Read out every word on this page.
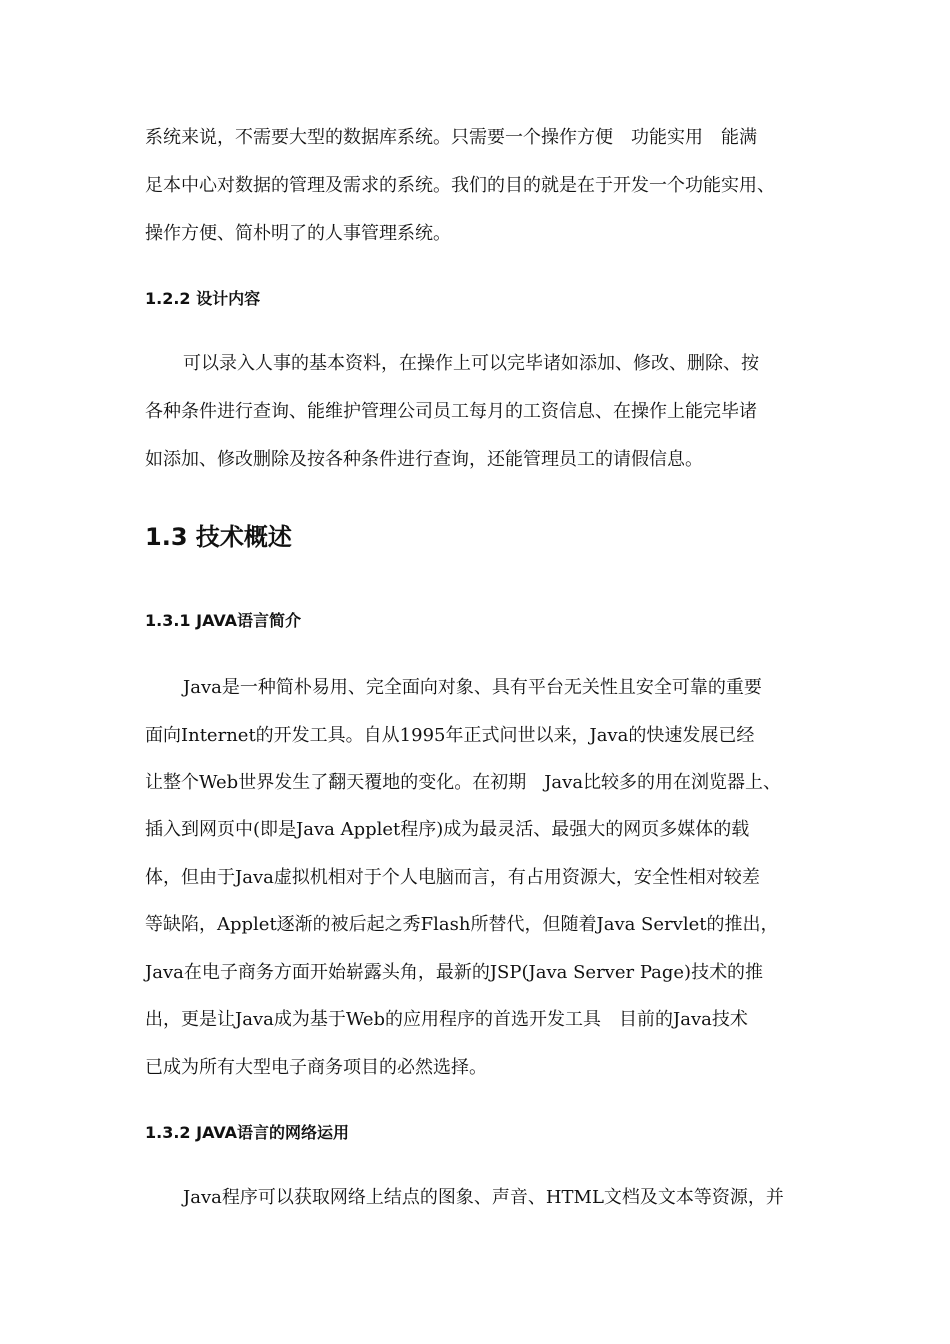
系统来说，不需要大型的数据库系统。只需要一个操作方便　功能实用　能满
足本中心对数据的管理及需求的系统。我们的目的就是在于开发一个功能实用、
操作方便、简朴明了的人事管理系统。
1.2.2 设计内容
可以录入人事的基本资料，在操作上可以完毕诸如添加、修改、删除、按
各种条件进行查询、能维护管理公司员工每月的工资信息、在操作上能完毕诸
如添加、修改删除及按各种条件进行查询，还能管理员工的请假信息。
1.3 技术概述
1.3.1 JAVA语言简介
Java是一种简朴易用、完全面向对象、具有平台无关性且安全可靠的重要
面向Internet的开发工具。自从1995年正式问世以来，Java的快速发展已经
让整个Web世界发生了翻天覆地的变化。在初期　Java比较多的用在浏览器上、
插入到网页中(即是Java Applet程序)成为最灵活、最强大的网页多媒体的载
体，但由于Java虚拟机相对于个人电脑而言，有占用资源大，安全性相对较差
等缺陷，Applet逐渐的被后起之秀Flash所替代，但随着Java Servlet的推出，
Java在电子商务方面开始崭露头角，最新的JSP(Java Server Page)技术的推
出，更是让Java成为基于Web的应用程序的首选开发工具　目前的Java技术
已成为所有大型电子商务项目的必然选择。
1.3.2 JAVA语言的网络运用
Java程序可以获取网络上结点的图象、声音、HTML文档及文本等资源，并
